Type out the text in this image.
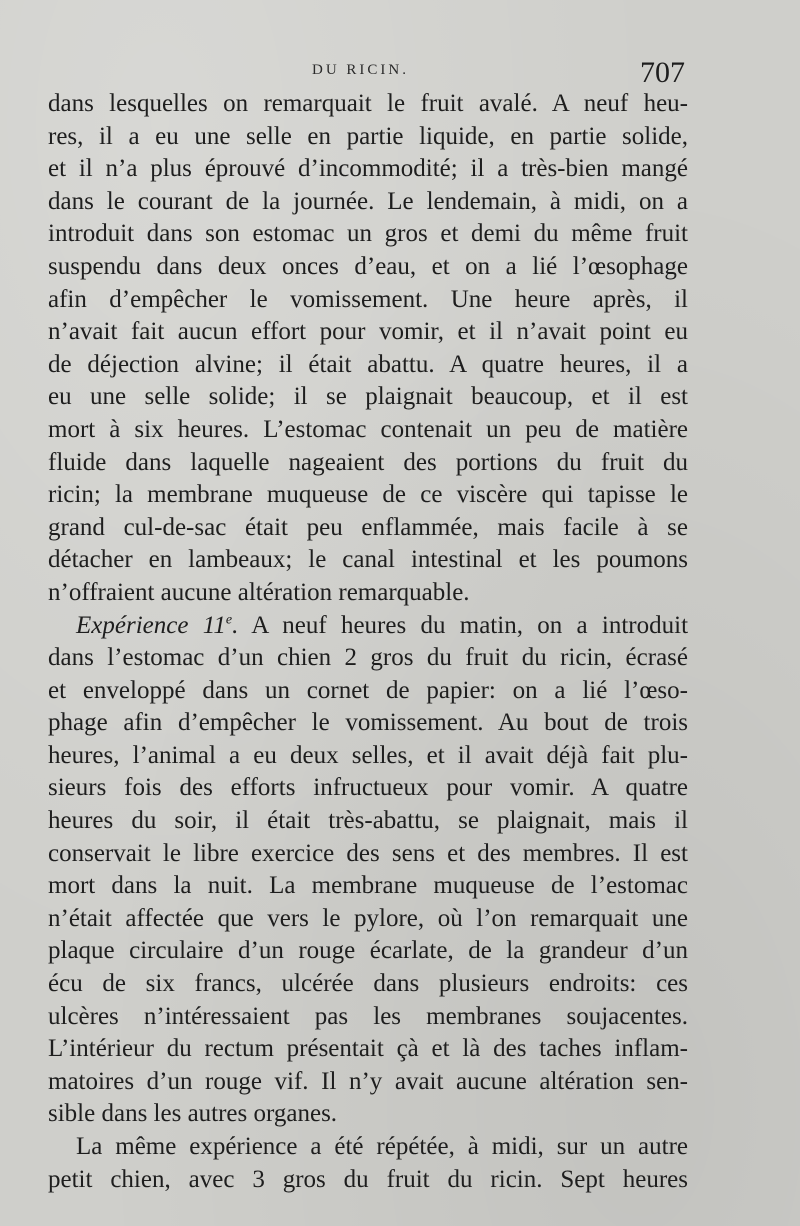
DU RICIN.	707
dans lesquelles on remarquait le fruit avalé. A neuf heu-
res, il a eu une selle en partie liquide, en partie solide,
et il n’a plus éprouvé d’incommodité; il a très-bien mangé
dans le courant de la journée. Le lendemain, à midi, on a
introduit dans son estomac un gros et demi du même fruit
suspendu dans deux onces d’eau, et on a lié l’œsophage
afin d’empêcher le vomissement. Une heure après, il
n’avait fait aucun effort pour vomir, et il n’avait point eu
de déjection alvine; il était abattu. A quatre heures, il a
eu une selle solide; il se plaignait beaucoup, et il est
mort à six heures. L’estomac contenait un peu de matière
fluide dans laquelle nageaient des portions du fruit du
ricin; la membrane muqueuse de ce viscère qui tapisse le
grand cul-de-sac était peu enflammée, mais facile à se
détacher en lambeaux; le canal intestinal et les poumons
n’offraient aucune altération remarquable.
Expérience 11e. A neuf heures du matin, on a introduit
dans l’estomac d’un chien 2 gros du fruit du ricin, écrasé
et enveloppé dans un cornet de papier: on a lié l’œso-
phage afin d’empêcher le vomissement. Au bout de trois
heures, l’animal a eu deux selles, et il avait déjà fait plu-
sieurs fois des efforts infructueux pour vomir. A quatre
heures du soir, il était très-abattu, se plaignait, mais il
conservait le libre exercice des sens et des membres. Il est
mort dans la nuit. La membrane muqueuse de l’estomac
n’était affectée que vers le pylore, où l’on remarquait une
plaque circulaire d’un rouge écarlate, de la grandeur d’un
écu de six francs, ulcérée dans plusieurs endroits: ces
ulcères n’intéressaient pas les membranes soujacentes.
L’intérieur du rectum présentait çà et là des taches inflam-
matoires d’un rouge vif. Il n’y avait aucune altération sen-
sible dans les autres organes.
La même expérience a été répétée, à midi, sur un autre
petit chien, avec 3 gros du fruit du ricin. Sept heures
